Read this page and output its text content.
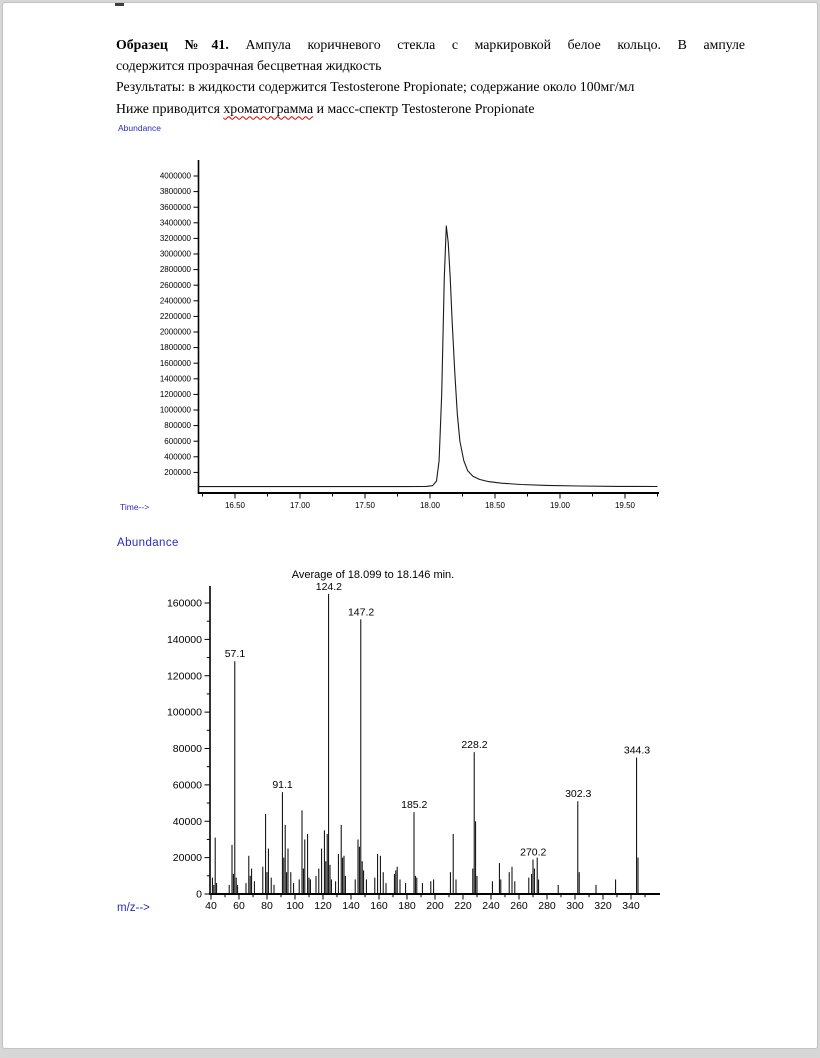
Образец №41. Ампула коричневого стекла с маркировкой белое кольцо. В ампуле
содержится прозрачная бесцветная жидкость
Результаты: в жидкости содержится Testosterone Propionate; содержание около 100мг/мл
Ниже приводится хроматограмма и масс-спектр Testosterone Propionate
Abundance
Time-->
Abundance
Average of 18.099 to 18.146 min.
m/z-->
200000
400000
600000
800000
1000000
1200000
1400000
1600000
1800000
2000000
2200000
2400000
2600000
2800000
3000000
3200000
3400000
3600000
3800000
4000000
16.50	17.00	17.50	18.00	18.50	19.00	19.50
0
20000
40000
60000
80000
100000
120000
140000
160000
40 60 80 100 120 140 160 180 200 220 240 260 280 300 320 340
57.1
91.1
124.2
147.2
185.2
228.2
270.2
302.3
344.3
